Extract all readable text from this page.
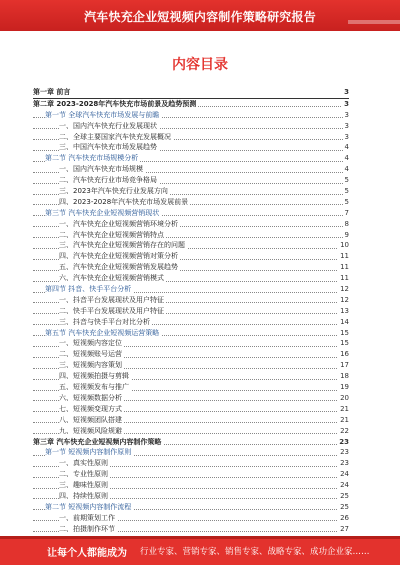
汽车快充企业短视频内容制作策略研究报告
内容目录
第一章 前言	3
第二章 2023-2028年汽车快充市场前景及趋势预测	3
第一节 全球汽车快充市场发展与前瞻	3
一、国内汽车快充行业发展现状	3
二、全球主要国家汽车快充发展概况	3
三、中国汽车快充市场发展趋势	4
第二节 汽车快充市场规模分析	4
一、国内汽车快充市场规模	4
二、汽车快充行业市场竞争格局	5
三、2023年汽车快充行业发展方向	5
四、2023-2028年汽车快充市场发展前景	5
第三节 汽车快充企业短视频营销现状	7
一、汽车快充企业短视频营销环境分析	8
二、汽车快充企业短视频营销特点	9
三、汽车快充企业短视频营销存在的问题	10
四、汽车快充企业短视频营销对策分析	11
五、汽车快充企业短视频营销发展趋势	11
六、汽车快充企业短视频营销模式	11
第四节 抖音、快手平台分析	12
一、抖音平台发展现状及用户特征	12
二、快手平台发展现状及用户特征	13
三、抖音与快手平台对比分析	14
第五节 汽车快充企业短视频运营策略	15
一、短视频内容定位	15
二、短视频账号运营	16
三、短视频内容策划	17
四、短视频拍摄与剪辑	18
五、短视频发布与推广	19
六、短视频数据分析	20
七、短视频变现方式	21
八、短视频团队搭建	21
九、短视频风险规避	22
第三章 汽车快充企业短视频内容制作策略	23
第一节 短视频内容制作原则	23
一、真实性原则	23
二、专业性原则	24
三、趣味性原则	24
四、持续性原则	25
第二节 短视频内容制作流程	25
一、前期策划工作	26
二、拍摄制作环节	27
让每个人都能成为 行业专家、营销专家、销售专家、战略专家、成功企业家……
